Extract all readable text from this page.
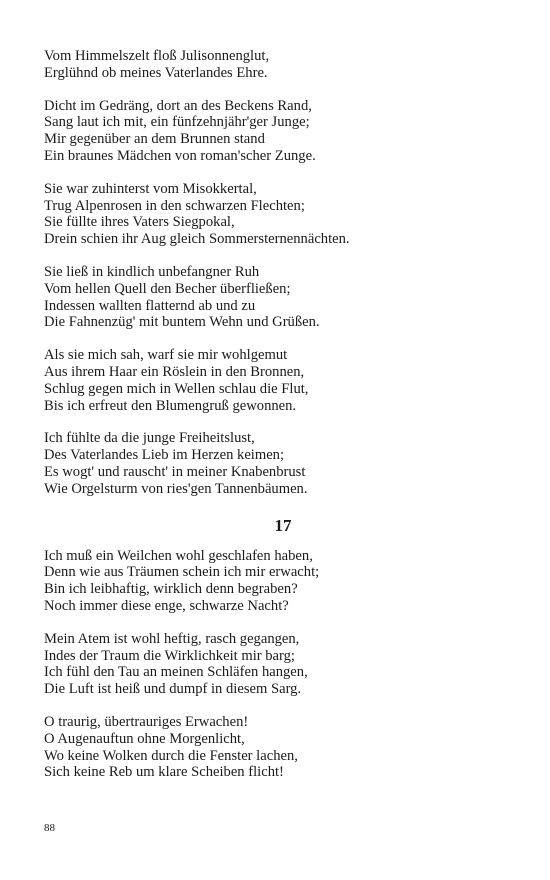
Vom Himmelszelt floß Julisonnenglut,
Erglühnd ob meines Vaterlandes Ehre.
Dicht im Gedräng, dort an des Beckens Rand,
Sang laut ich mit, ein fünfzehnjähr'ger Junge;
Mir gegenüber an dem Brunnen stand
Ein braunes Mädchen von roman'scher Zunge.
Sie war zuhinterst vom Misokkertal,
Trug Alpenrosen in den schwarzen Flechten;
Sie füllte ihres Vaters Siegpokal,
Drein schien ihr Aug gleich Sommersternennächten.
Sie ließ in kindlich unbefangner Ruh
Vom hellen Quell den Becher überfließen;
Indessen wallten flatternd ab und zu
Die Fahnenzüg' mit buntem Wehn und Grüßen.
Als sie mich sah, warf sie mir wohlgemut
Aus ihrem Haar ein Röslein in den Bronnen,
Schlug gegen mich in Wellen schlau die Flut,
Bis ich erfreut den Blumengruß gewonnen.
Ich fühlte da die junge Freiheitslust,
Des Vaterlandes Lieb im Herzen keimen;
Es wogt' und rauscht' in meiner Knabenbrust
Wie Orgelsturm von ries'gen Tannenbäumen.
17
Ich muß ein Weilchen wohl geschlafen haben,
Denn wie aus Träumen schein ich mir erwacht;
Bin ich leibhaftig, wirklich denn begraben?
Noch immer diese enge, schwarze Nacht?
Mein Atem ist wohl heftig, rasch gegangen,
Indes der Traum die Wirklichkeit mir barg;
Ich fühl den Tau an meinen Schläfen hangen,
Die Luft ist heiß und dumpf in diesem Sarg.
O traurig, übertrauriges Erwachen!
O Augenauftun ohne Morgenlicht,
Wo keine Wolken durch die Fenster lachen,
Sich keine Reb um klare Scheiben flicht!
88
